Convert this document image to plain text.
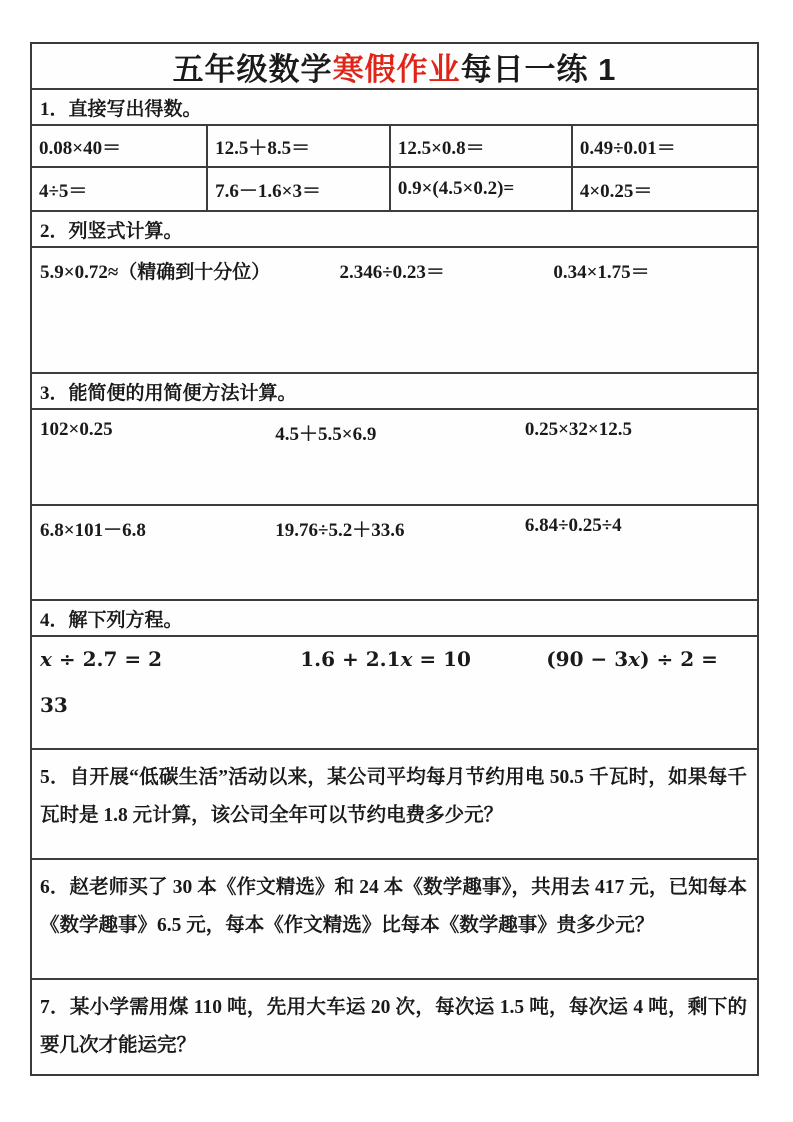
五年级数学 寒假作业 每日一练 1
1．直接写出得数。
0.08×40＝	12.5＋8.5＝	12.5×0.8＝	0.49÷0.01＝
4÷5＝	7.6－1.6×3＝	0.9×(4.5×0.2)=	4×0.25＝
2．列竖式计算。
5.9×0.72≈（精确到十分位）	2.346÷0.23＝	0.34×1.75＝
3．能简便的用简便方法计算。
102×0.25	4.5＋5.5×6.9	0.25×32×12.5
6.8×101－6.8	19.76÷5.2＋33.6	6.84÷0.25÷4
4．解下列方程。
x ÷ 2.7 = 2	1.6 + 2.1x = 10	(90 − 3x) ÷ 2 =
33
5．自开展“低碳生活”活动以来，某公司平均每月节约用电 50.5 千瓦时，如果每千瓦时是 1.8 元计算，该公司全年可以节约电费多少元？
6．赵老师买了 30 本《作文精选》和 24 本《数学趣事》，共用去 417 元，已知每本《数学趣事》6.5 元，每本《作文精选》比每本《数学趣事》贵多少元？
7．某小学需用煤 110 吨，先用大车运 20 次，每次运 1.5 吨，每次运 4 吨，剩下的要几次才能运完？
